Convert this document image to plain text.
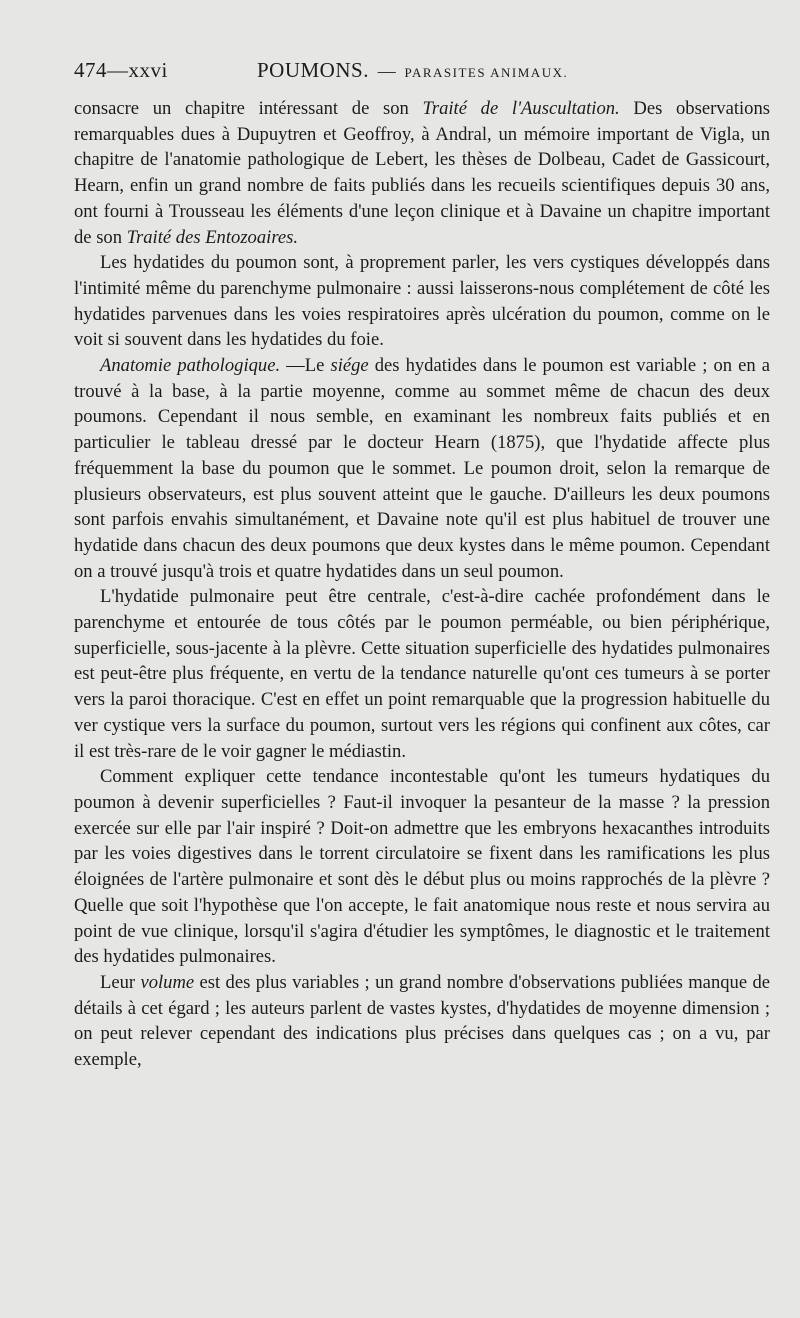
474—xxvi	POUMONS. — PARASITES ANIMAUX.

consacre un chapitre intéressant de son Traité de l'Auscultation. Des observations remarquables dues à Dupuytren et Geoffroy, à Andral, un mémoire important de Vigla, un chapitre de l'anatomie pathologique de Lebert, les thèses de Dolbeau, Cadet de Gassicourt, Hearn, enfin un grand nombre de faits publiés dans les recueils scientifiques depuis 30 ans, ont fourni à Trousseau les éléments d'une leçon clinique et à Davaine un chapitre important de son Traité des Entozoaires.

Les hydatides du poumon sont, à proprement parler, les vers cystiques développés dans l'intimité même du parenchyme pulmonaire : aussi laisserons-nous complétement de côté les hydatides parvenues dans les voies respiratoires après ulcération du poumon, comme on le voit si souvent dans les hydatides du foie.

Anatomie pathologique. —Le siége des hydatides dans le poumon est variable ; on en a trouvé à la base, à la partie moyenne, comme au sommet même de chacun des deux poumons. Cependant il nous semble, en examinant les nombreux faits publiés et en particulier le tableau dressé par le docteur Hearn (1875), que l'hydatide affecte plus fréquemment la base du poumon que le sommet. Le poumon droit, selon la remarque de plusieurs observateurs, est plus souvent atteint que le gauche. D'ailleurs les deux poumons sont parfois envahis simultanément, et Davaine note qu'il est plus habituel de trouver une hydatide dans chacun des deux poumons que deux kystes dans le même poumon. Cependant on a trouvé jusqu'à trois et quatre hydatides dans un seul poumon.

L'hydatide pulmonaire peut être centrale, c'est-à-dire cachée profondément dans le parenchyme et entourée de tous côtés par le poumon perméable, ou bien périphérique, superficielle, sous-jacente à la plèvre. Cette situation superficielle des hydatides pulmonaires est peut-être plus fréquente, en vertu de la tendance naturelle qu'ont ces tumeurs à se porter vers la paroi thoracique. C'est en effet un point remarquable que la progression habituelle du ver cystique vers la surface du poumon, surtout vers les régions qui confinent aux côtes, car il est très-rare de le voir gagner le médiastin.

Comment expliquer cette tendance incontestable qu'ont les tumeurs hydatiques du poumon à devenir superficielles ? Faut-il invoquer la pesanteur de la masse ? la pression exercée sur elle par l'air inspiré ? Doit-on admettre que les embryons hexacanthes introduits par les voies digestives dans le torrent circulatoire se fixent dans les ramifications les plus éloignées de l'artère pulmonaire et sont dès le début plus ou moins rapprochés de la plèvre ? Quelle que soit l'hypothèse que l'on accepte, le fait anatomique nous reste et nous servira au point de vue clinique, lorsqu'il s'agira d'étudier les symptômes, le diagnostic et le traitement des hydatides pulmonaires.

Leur volume est des plus variables ; un grand nombre d'observations publiées manque de détails à cet égard ; les auteurs parlent de vastes kystes, d'hydatides de moyenne dimension ; on peut relever cependant des indications plus précises dans quelques cas ; on a vu, par exemple,
